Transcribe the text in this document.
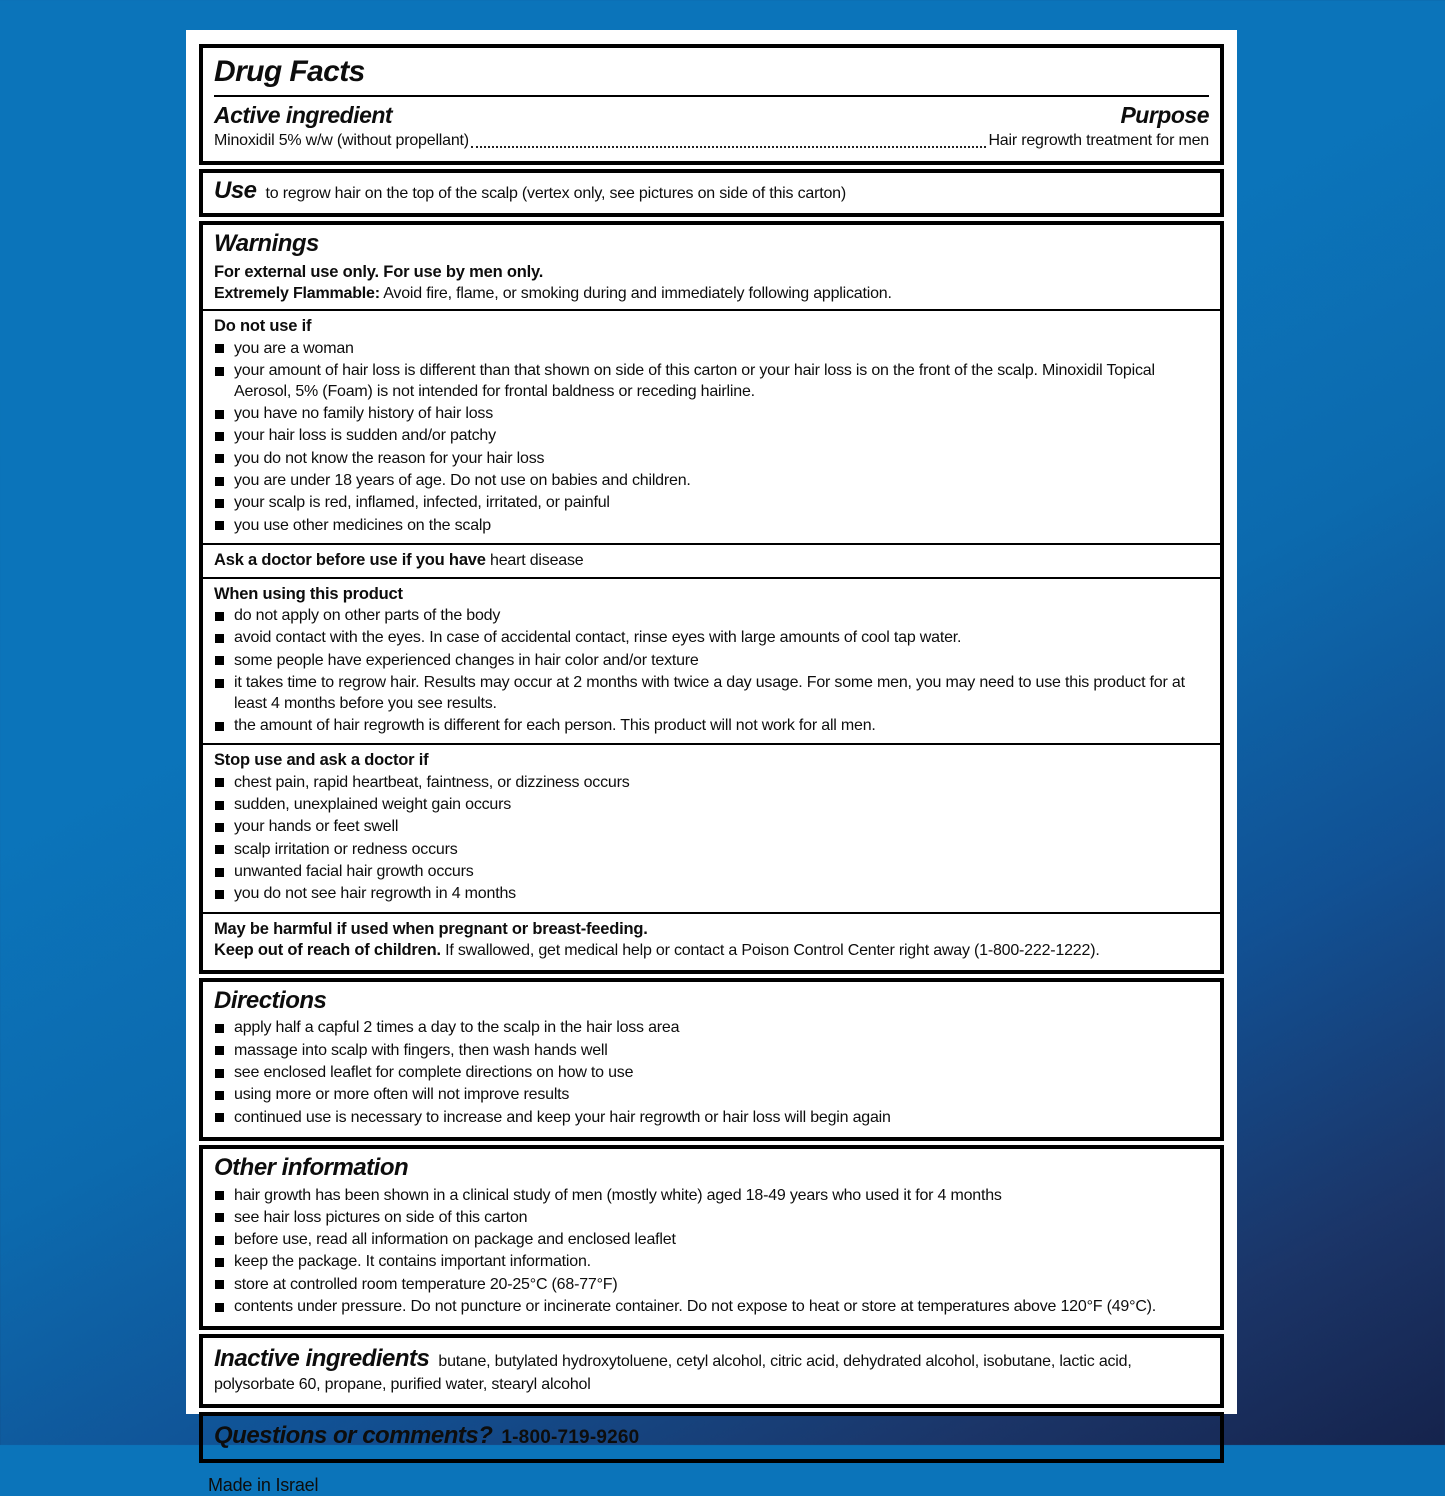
Drug Facts
Active ingredient	Purpose
Minoxidil 5% w/w (without propellant)	Hair regrowth treatment for men

Use to regrow hair on the top of the scalp (vertex only, see pictures on side of this carton)

Warnings

For external use only. For use by men only.

Extremely Flammable: Avoid fire, flame, or smoking during and immediately following application.

Do not use if

you are a woman
your amount of hair loss is different than that shown on side of this carton or your hair loss is on the front of the scalp. Minoxidil Topical Aerosol, 5% (Foam) is not intended for frontal baldness or receding hairline.
you have no family history of hair loss
your hair loss is sudden and/or patchy
you do not know the reason for your hair loss
you are under 18 years of age. Do not use on babies and children.
your scalp is red, inflamed, infected, irritated, or painful
you use other medicines on the scalp

Ask a doctor before use if you have heart disease

When using this product

do not apply on other parts of the body
avoid contact with the eyes. In case of accidental contact, rinse eyes with large amounts of cool tap water.
some people have experienced changes in hair color and/or texture
it takes time to regrow hair. Results may occur at 2 months with twice a day usage. For some men, you may need to use this product for at least 4 months before you see results.
the amount of hair regrowth is different for each person. This product will not work for all men.

Stop use and ask a doctor if

chest pain, rapid heartbeat, faintness, or dizziness occurs
sudden, unexplained weight gain occurs
your hands or feet swell
scalp irritation or redness occurs
unwanted facial hair growth occurs
you do not see hair regrowth in 4 months

May be harmful if used when pregnant or breast-feeding.

Keep out of reach of children. If swallowed, get medical help or contact a Poison Control Center right away (1-800-222-1222).

Directions
apply half a capful 2 times a day to the scalp in the hair loss area
massage into scalp with fingers, then wash hands well
see enclosed leaflet for complete directions on how to use
using more or more often will not improve results
continued use is necessary to increase and keep your hair regrowth or hair loss will begin again
Other information
hair growth has been shown in a clinical study of men (mostly white) aged 18-49 years who used it for 4 months
see hair loss pictures on side of this carton
before use, read all information on package and enclosed leaflet
keep the package. It contains important information.
store at controlled room temperature 20-25°C (68-77°F)
contents under pressure. Do not puncture or incinerate container. Do not expose to heat or store at temperatures above 120°F (49°C).

Inactive ingredients butane, butylated hydroxytoluene, cetyl alcohol, citric acid, dehydrated alcohol, isobutane, lactic acid, polysorbate 60, propane, purified water, stearyl alcohol

Questions or comments? 1-800-719-9260
Made in Israel
